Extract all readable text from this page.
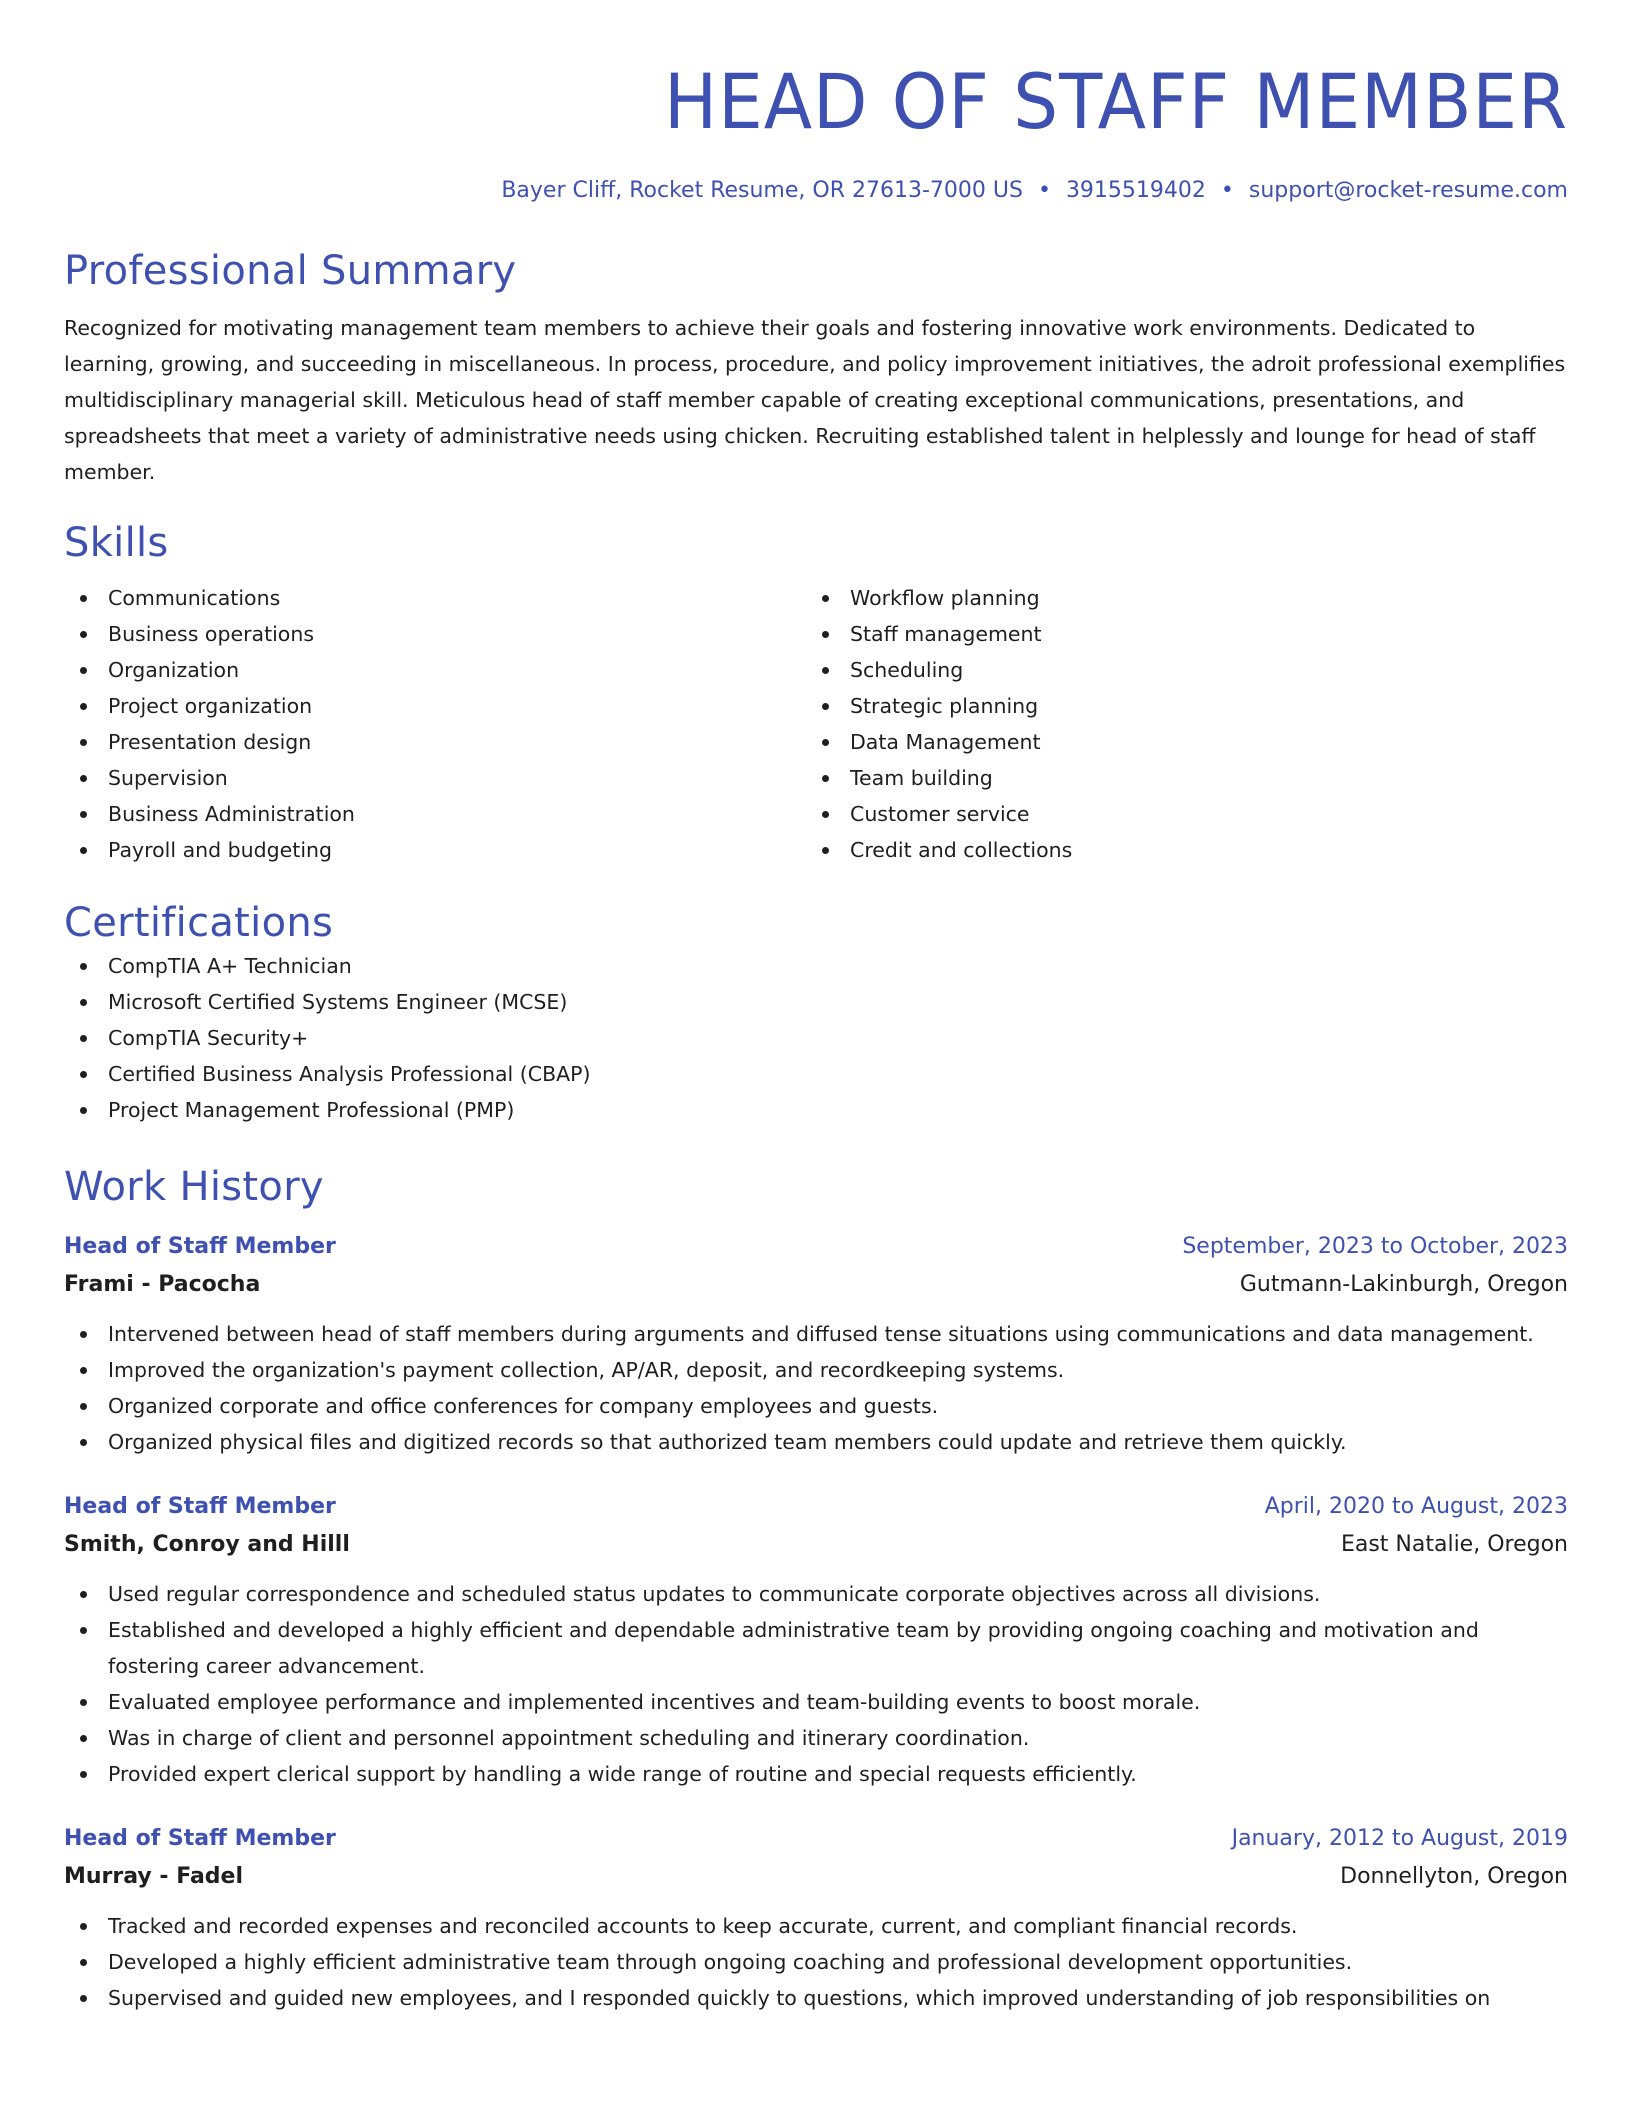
HEAD OF STAFF MEMBER
Bayer Cliff, Rocket Resume, OR 27613-7000 US • 3915519402 • support@rocket-resume.com
Professional Summary

Recognized for motivating management team members to achieve their goals and fostering innovative work environments. Dedicated to learning, growing, and succeeding in miscellaneous. In process, procedure, and policy improvement initiatives, the adroit professional exemplifies multidisciplinary managerial skill. Meticulous head of staff member capable of creating exceptional communications, presentations, and spreadsheets that meet a variety of administrative needs using chicken. Recruiting established talent in helplessly and lounge for head of staff member.

Skills
Communications
Business operations
Organization
Project organization
Presentation design
Supervision
Business Administration
Payroll and budgeting
Workflow planning
Staff management
Scheduling
Strategic planning
Data Management
Team building
Customer service
Credit and collections
Certifications
CompTIA A+ Technician
Microsoft Certified Systems Engineer (MCSE)
CompTIA Security+
Certified Business Analysis Professional (CBAP)
Project Management Professional (PMP)
Work History
Head of Staff Member	September, 2023 to October, 2023
Frami - Pacocha	Gutmann-Lakinburgh, Oregon
Intervened between head of staff members during arguments and diffused tense situations using communications and data management.
Improved the organization's payment collection, AP/AR, deposit, and recordkeeping systems.
Organized corporate and office conferences for company employees and guests.
Organized physical files and digitized records so that authorized team members could update and retrieve them quickly.
Head of Staff Member	April, 2020 to August, 2023
Smith, Conroy and Hilll	East Natalie, Oregon
Used regular correspondence and scheduled status updates to communicate corporate objectives across all divisions.
Established and developed a highly efficient and dependable administrative team by providing ongoing coaching and motivation and fostering career advancement.
Evaluated employee performance and implemented incentives and team-building events to boost morale.
Was in charge of client and personnel appointment scheduling and itinerary coordination.
Provided expert clerical support by handling a wide range of routine and special requests efficiently.
Head of Staff Member	January, 2012 to August, 2019
Murray - Fadel	Donnellyton, Oregon
Tracked and recorded expenses and reconciled accounts to keep accurate, current, and compliant financial records.
Developed a highly efficient administrative team through ongoing coaching and professional development opportunities.
Supervised and guided new employees, and I responded quickly to questions, which improved understanding of job responsibilities on
